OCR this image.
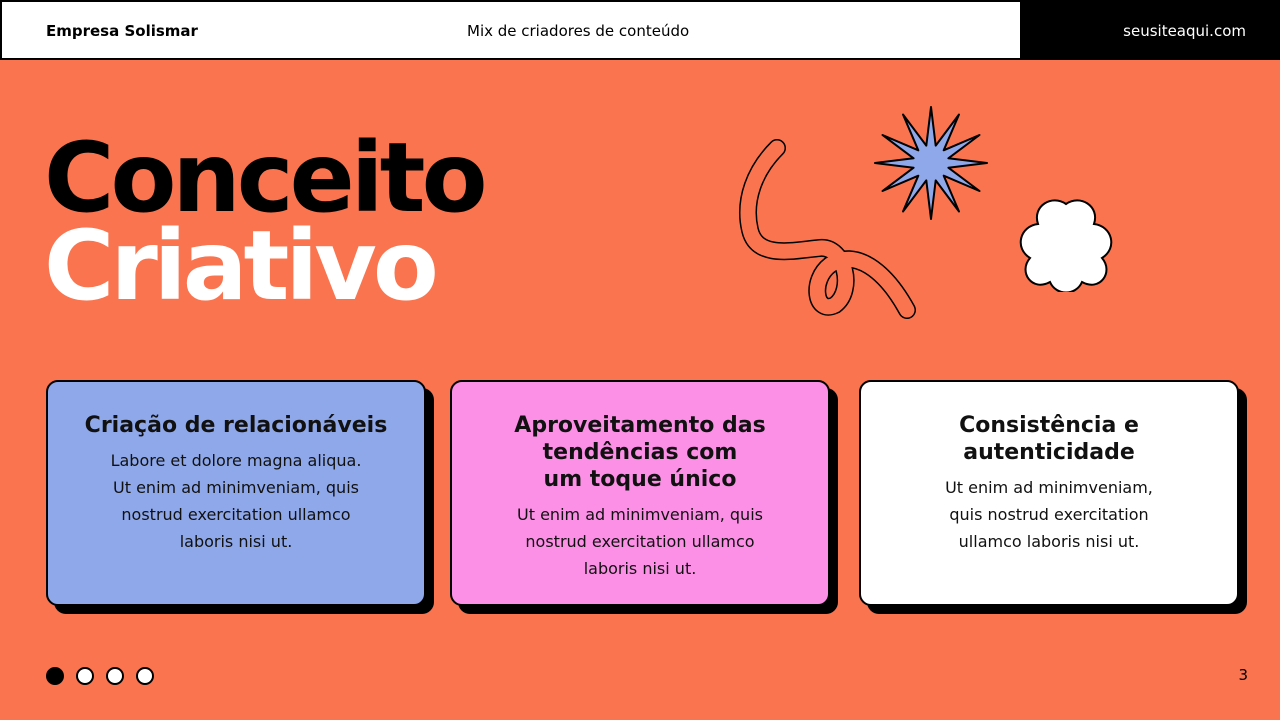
Empresa Solismar	Mix de criadores de conteúdo	seusiteaqui.com
Conceito
Criativo
Criação de relacionáveis
Labore et dolore magna aliqua.
Ut enim ad minimveniam, quis
nostrud exercitation ullamco
laboris nisi ut.
Aproveitamento das
tendências com
um toque único
Ut enim ad minimveniam, quis
nostrud exercitation ullamco
laboris nisi ut.
Consistência e
autenticidade
Ut enim ad minimveniam,
quis nostrud exercitation
ullamco laboris nisi ut.
3
